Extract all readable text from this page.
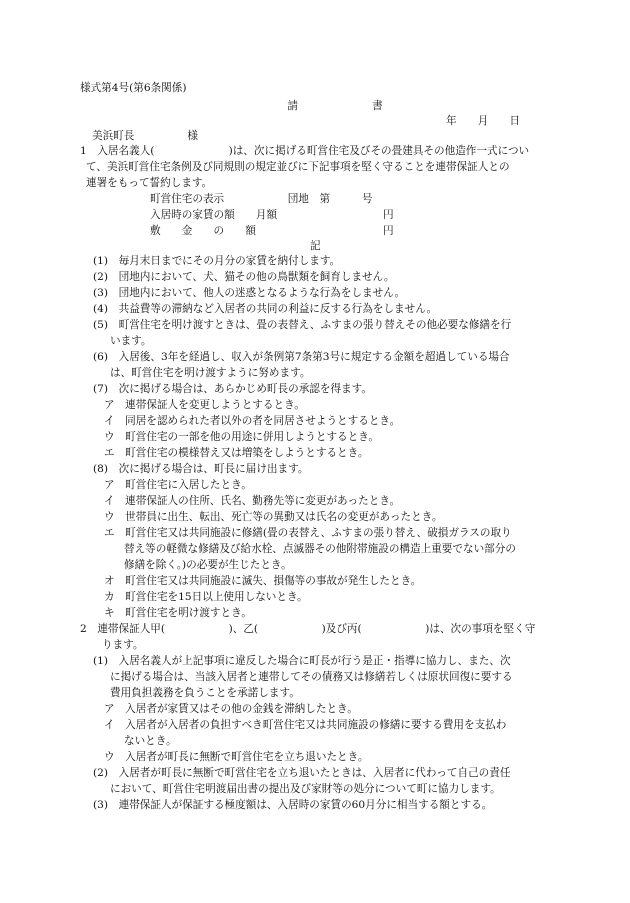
様式第4号(第6条関係)
請　　　　　　　書
年　　月　　日
美浜町長　　　　　様
1　入居名義人(　　　　　　　)は、次に掲げる町営住宅及びその畳建具その他造作一式につい
て、美浜町営住宅条例及び同規則の規定並びに下記事項を堅く守ることを連帯保証人との
連署をもって誓約します。
町営住宅の表示　　　　　　団地　第　　　号
入居時の家賃の額　　月額　　　　　　　　　　円
敷　　金　　の　　額　　　　　　　　　　　　円
記
(1)　毎月末日までにその月分の家賃を納付します。
(2)　団地内において、犬、猫その他の鳥獣類を飼育しません。
(3)　団地内において、他人の迷惑となるような行為をしません。
(4)　共益費等の滞納など入居者の共同の利益に反する行為をしません。
(5)　町営住宅を明け渡すときは、畳の表替え、ふすまの張り替えその他必要な修繕を行
います。
(6)　入居後、3年を経過し、収入が条例第7条第3号に規定する金額を超過している場合
は、町営住宅を明け渡すように努めます。
(7)　次に掲げる場合は、あらかじめ町長の承認を得ます。
ア　連帯保証人を変更しようとするとき。
イ　同居を認められた者以外の者を同居させようとするとき。
ウ　町営住宅の一部を他の用途に併用しようとするとき。
エ　町営住宅の模様替え又は増築をしようとするとき。
(8)　次に掲げる場合は、町長に届け出ます。
ア　町営住宅に入居したとき。
イ　連帯保証人の住所、氏名、勤務先等に変更があったとき。
ウ　世帯員に出生、転出、死亡等の異動又は氏名の変更があったとき。
エ　町営住宅又は共同施設に修繕(畳の表替え、ふすまの張り替え、破損ガラスの取り
替え等の軽微な修繕及び給水栓、点滅器その他附帯施設の構造上重要でない部分の
修繕を除く。)の必要が生じたとき。
オ　町営住宅又は共同施設に滅失、損傷等の事故が発生したとき。
カ　町営住宅を15日以上使用しないとき。
キ　町営住宅を明け渡すとき。
2　連帯保証人甲(　　　　　　)、乙(　　　　　　)及び丙(　　　　　　)は、次の事項を堅く守
ります。
(1)　入居名義人が上記事項に違反した場合に町長が行う是正・指導に協力し、また、次
に掲げる場合は、当該入居者と連帯してその債務又は修繕若しくは原状回復に要する
費用負担義務を負うことを承諾します。
ア　入居者が家賃又はその他の金銭を滞納したとき。
イ　入居者が入居者の負担すべき町営住宅又は共同施設の修繕に要する費用を支払わ
ないとき。
ウ　入居者が町長に無断で町営住宅を立ち退いたとき。
(2)　入居者が町長に無断で町営住宅を立ち退いたときは、入居者に代わって自己の責任
において、町営住宅明渡届出書の提出及び家財等の処分について町に協力します。
(3)　連帯保証人が保証する極度額は、入居時の家賃の60月分に相当する額とする。
